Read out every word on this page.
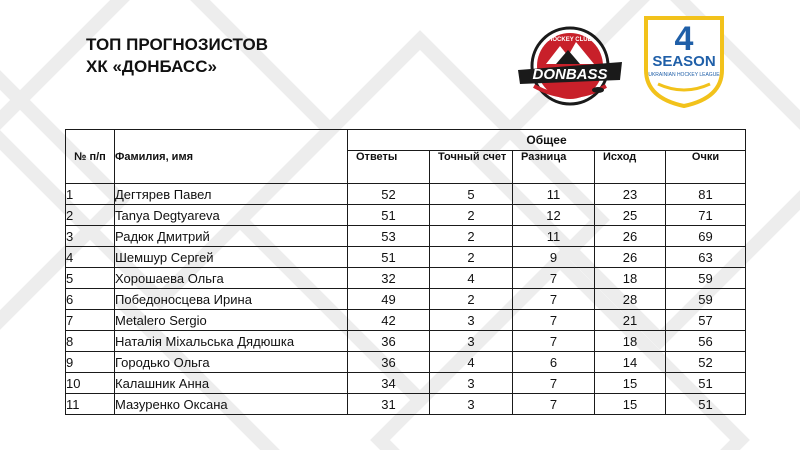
ТОП ПРОГНОЗИСТОВ
ХК «ДОНБАСС»
HOCKEY CLUB
DONBASS
4
SEASON
UKRAINIAN HOCKEY LEAGUE
№ п/п	Фамилия, имя	Общее				
		Ответы	Точный счет	Разница	Исход	Очки
1	Дегтярев Павел	52	5	11	23	81
2	Tanya Degtyareva	51	2	12	25	71
3	Радюк Дмитрий	53	2	11	26	69
4	Шемшур Сергей	51	2	9	26	63
5	Хорошаева Ольга	32	4	7	18	59
6	Победоносцева Ирина	49	2	7	28	59
7	Metalero Sergio	42	3	7	21	57
8	Наталія Міхальська Дядюшка	36	3	7	18	56
9	Городько Ольга	36	4	6	14	52
10	Калашник Анна	34	3	7	15	51
11	Мазуренко Оксана	31	3	7	15	51
